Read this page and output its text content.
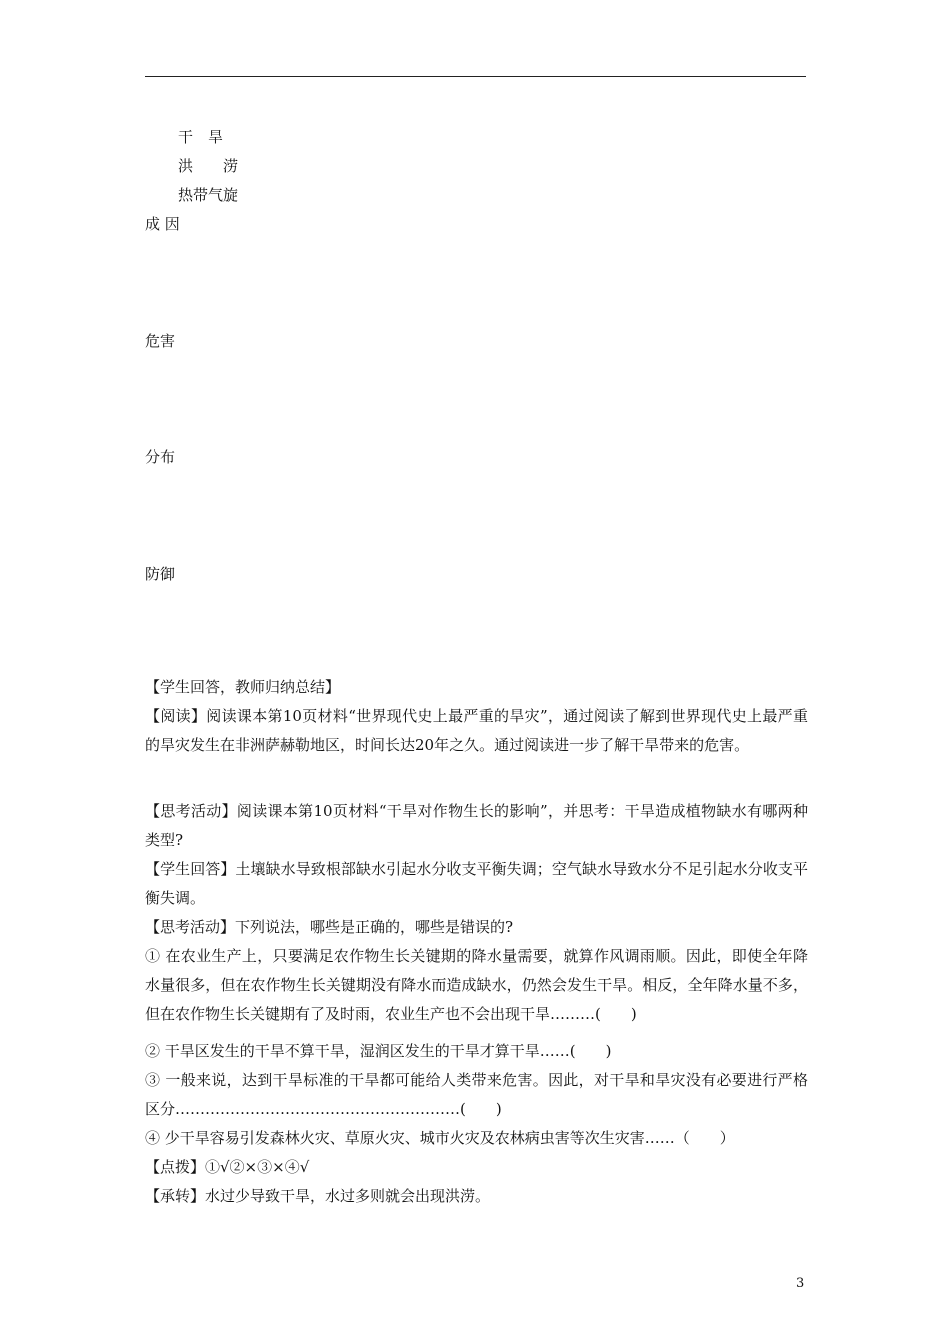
干　旱
洪　　涝
热带气旋
成 因
危害
分布
防御
【学生回答，教师归纳总结】
【阅读】阅读课本第10页材料“世界现代史上最严重的旱灾”，通过阅读了解到世界现代史上最严重的旱灾发生在非洲萨赫勒地区，时间长达20年之久。通过阅读进一步了解干旱带来的危害。
【思考活动】阅读课本第10页材料“干旱对作物生长的影响”，并思考：干旱造成植物缺水有哪两种类型?
【学生回答】土壤缺水导致根部缺水引起水分收支平衡失调；空气缺水导致水分不足引起水分收支平衡失调。
【思考活动】下列说法，哪些是正确的，哪些是错误的?
① 在农业生产上，只要满足农作物生长关键期的降水量需要，就算作风调雨顺。因此，即使全年降水量很多，但在农作物生长关键期没有降水而造成缺水，仍然会发生干旱。相反，全年降水量不多，但在农作物生长关键期有了及时雨，农业生产也不会出现干旱………(　　)
② 干旱区发生的干旱不算干旱，湿润区发生的干旱才算干旱……(　　)
③ 一般来说，达到干旱标准的干旱都可能给人类带来危害。因此，对干旱和旱灾没有必要进行严格区分…………………………………………………(　　)
④ 少干旱容易引发森林火灾、草原火灾、城市火灾及农林病虫害等次生灾害……（　　）
【点拨】①√②×③×④√
【承转】水过少导致干旱，水过多则就会出现洪涝。
3
